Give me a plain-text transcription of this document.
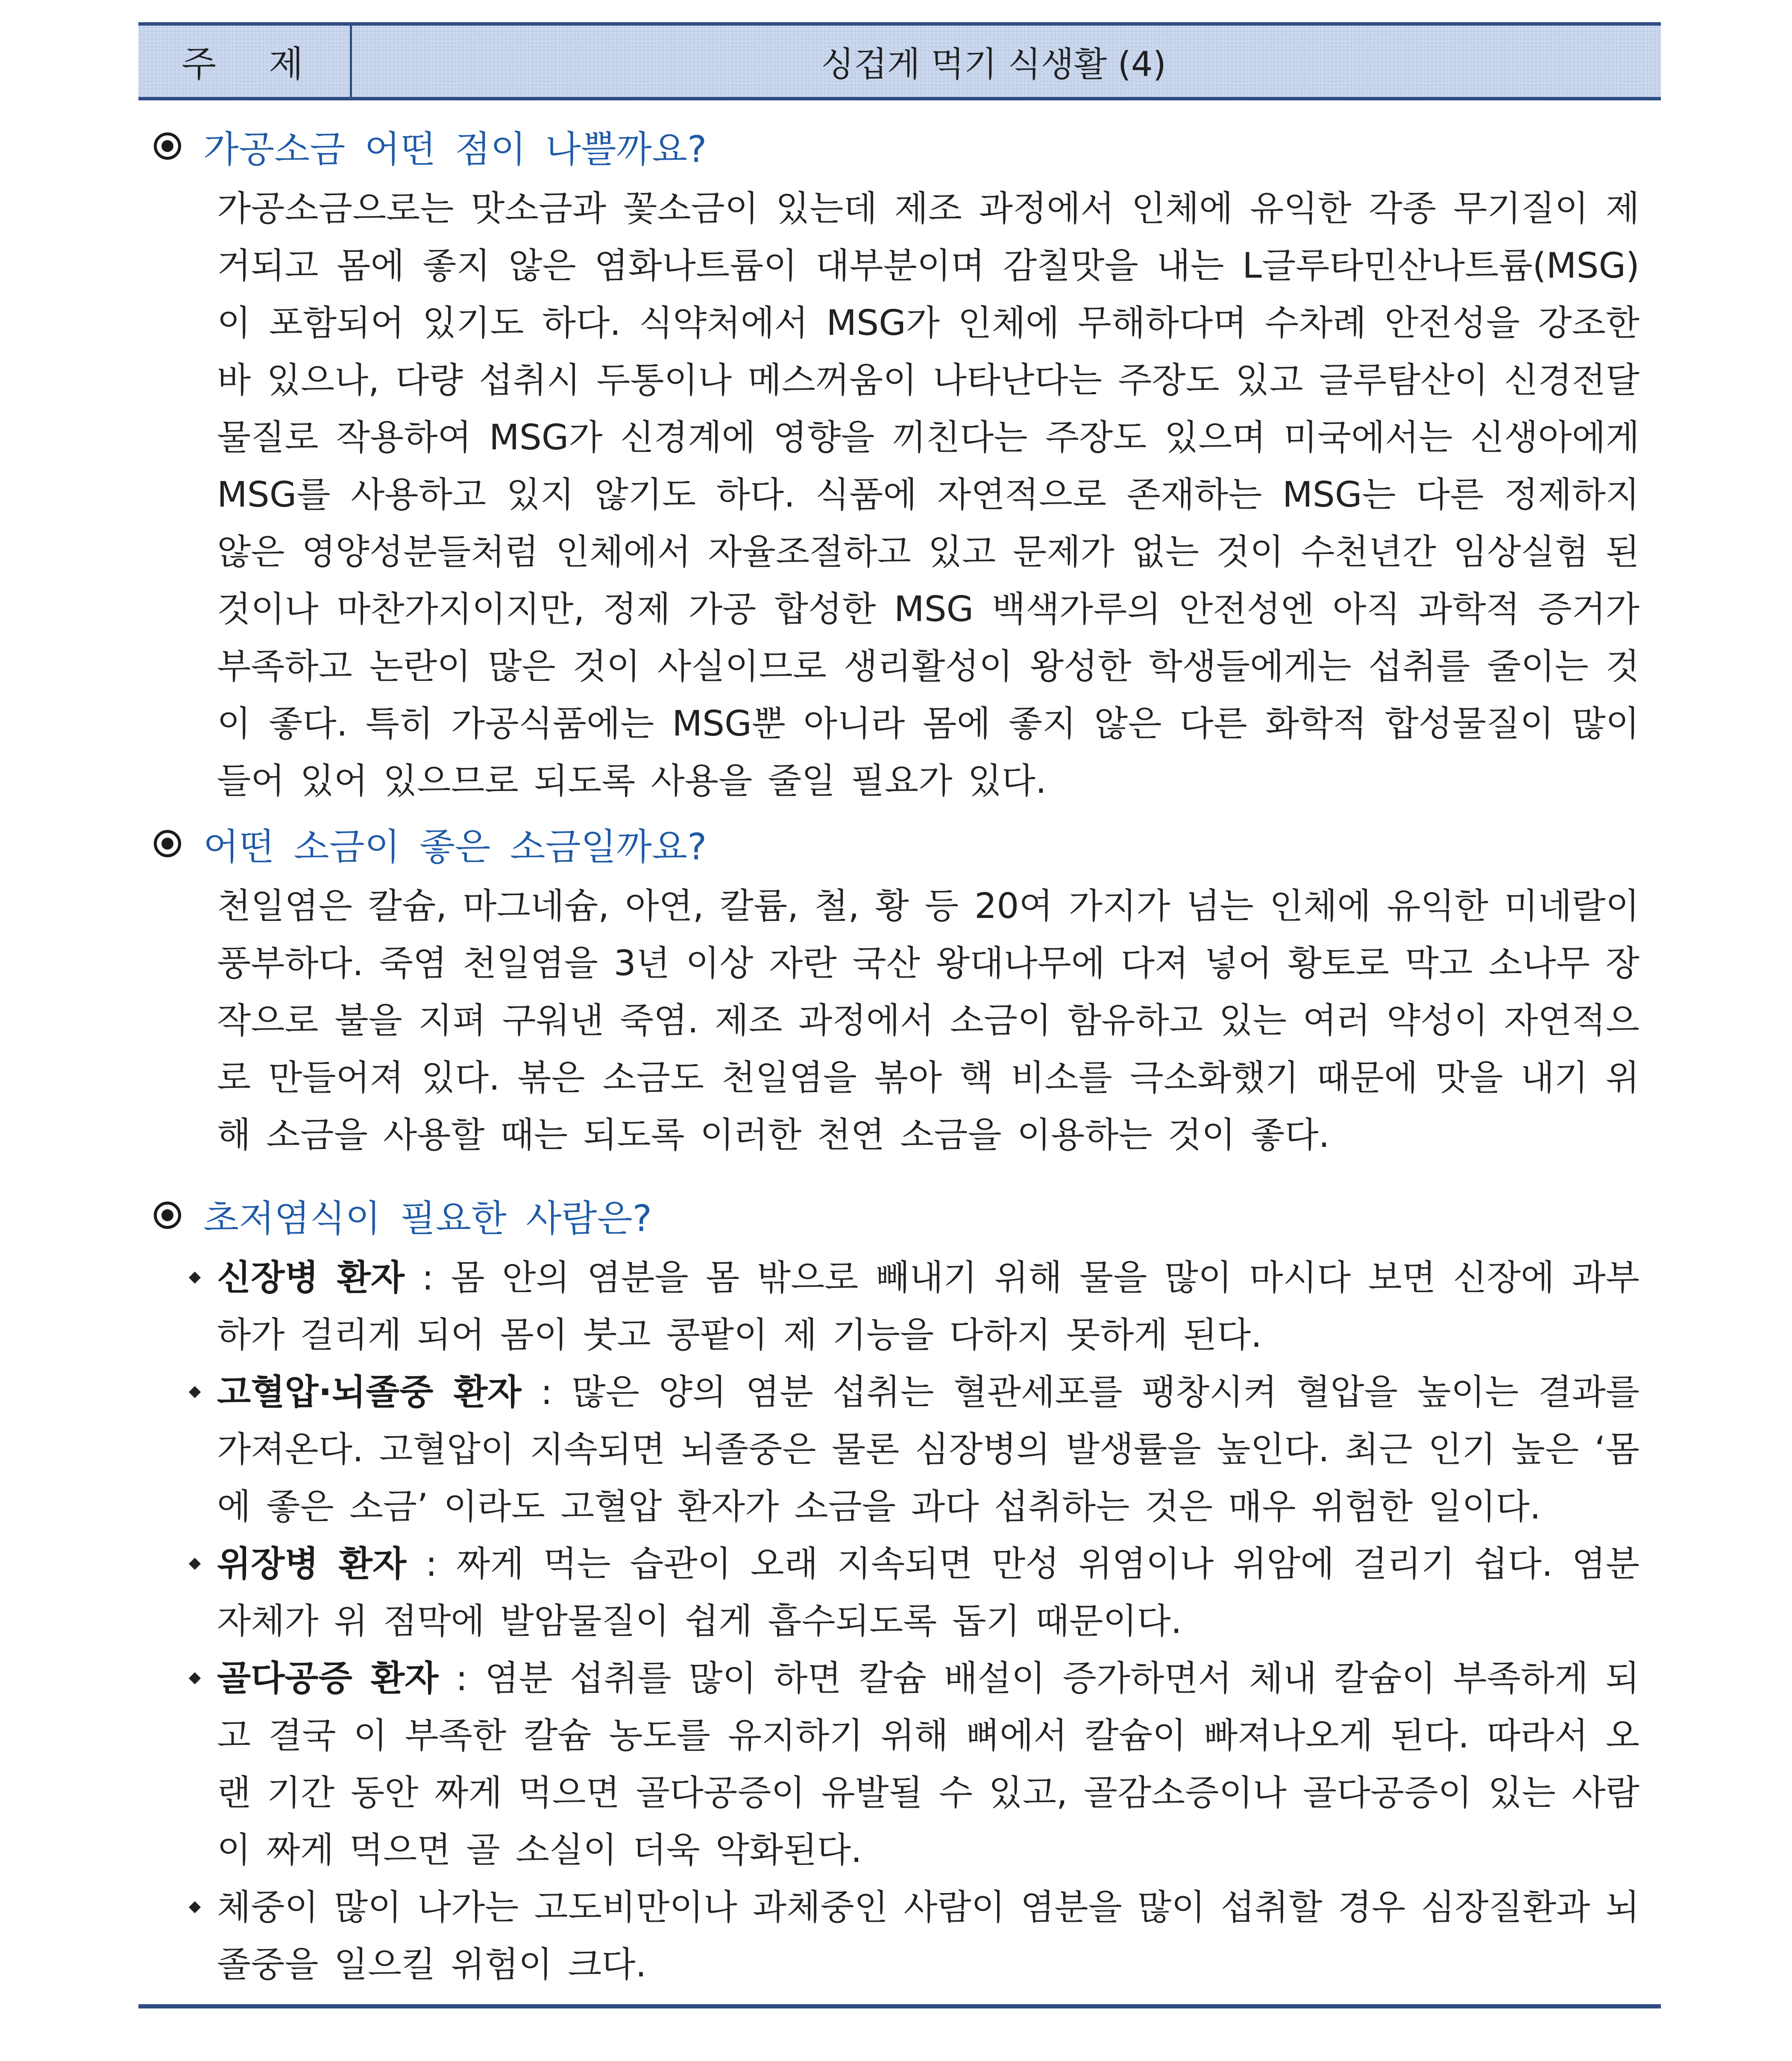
주 제	싱겁게 먹기 식생활 (4)
가공소금 어떤 점이 나쁠까요?
가공소금으로는 맛소금과 꽃소금이 있는데 제조 과정에서 인체에 유익한 각종 무기질이 제거되고 몸에 좋지 않은 염화나트륨이 대부분이며 감칠맛을 내는 L글루타민산나트륨(MSG)이 포함되어 있기도 하다. 식약처에서 MSG가 인체에 무해하다며 수차례 안전성을 강조한 바 있으나, 다량 섭취시 두통이나 메스꺼움이 나타난다는 주장도 있고 글루탐산이 신경전달 물질로 작용하여 MSG가 신경계에 영향을 끼친다는 주장도 있으며 미국에서는 신생아에게 MSG를 사용하고 있지 않기도 하다. 식품에 자연적으로 존재하는 MSG는 다른 정제하지 않은 영양성분들처럼 인체에서 자율조절하고 있고 문제가 없는 것이 수천년간 임상실험 된 것이나 마찬가지이지만, 정제 가공 합성한 MSG 백색가루의 안전성엔 아직 과학적 증거가 부족하고 논란이 많은 것이 사실이므로 생리활성이 왕성한 학생들에게는 섭취를 줄이는 것이 좋다. 특히 가공식품에는 MSG뿐 아니라 몸에 좋지 않은 다른 화학적 합성물질이 많이 들어 있어 있으므로 되도록 사용을 줄일 필요가 있다.
어떤 소금이 좋은 소금일까요?
천일염은 칼슘, 마그네슘, 아연, 칼륨, 철, 황 등 20여 가지가 넘는 인체에 유익한 미네랄이 풍부하다. 죽염 천일염을 3년 이상 자란 국산 왕대나무에 다져 넣어 황토로 막고 소나무 장작으로 불을 지펴 구워낸 죽염. 제조 과정에서 소금이 함유하고 있는 여러 약성이 자연적으로 만들어져 있다. 볶은 소금도 천일염을 볶아 핵 비소를 극소화했기 때문에 맛을 내기 위해 소금을 사용할 때는 되도록 이러한 천연 소금을 이용하는 것이 좋다.
초저염식이 필요한 사람은?
신장병 환자 : 몸 안의 염분을 몸 밖으로 빼내기 위해 물을 많이 마시다 보면 신장에 과부하가 걸리게 되어 몸이 붓고 콩팥이 제 기능을 다하지 못하게 된다.
고혈압·뇌졸중 환자 : 많은 양의 염분 섭취는 혈관세포를 팽창시켜 혈압을 높이는 결과를 가져온다. 고혈압이 지속되면 뇌졸중은 물론 심장병의 발생률을 높인다. 최근 인기 높은 ‘몸에 좋은 소금’ 이라도 고혈압 환자가 소금을 과다 섭취하는 것은 매우 위험한 일이다.
위장병 환자 : 짜게 먹는 습관이 오래 지속되면 만성 위염이나 위암에 걸리기 쉽다. 염분 자체가 위 점막에 발암물질이 쉽게 흡수되도록 돕기 때문이다.
골다공증 환자 : 염분 섭취를 많이 하면 칼슘 배설이 증가하면서 체내 칼슘이 부족하게 되고 결국 이 부족한 칼슘 농도를 유지하기 위해 뼈에서 칼슘이 빠져나오게 된다. 따라서 오랜 기간 동안 짜게 먹으면 골다공증이 유발될 수 있고, 골감소증이나 골다공증이 있는 사람이 짜게 먹으면 골 소실이 더욱 악화된다.
체중이 많이 나가는 고도비만이나 과체중인 사람이 염분을 많이 섭취할 경우 심장질환과 뇌졸중을 일으킬 위험이 크다.
